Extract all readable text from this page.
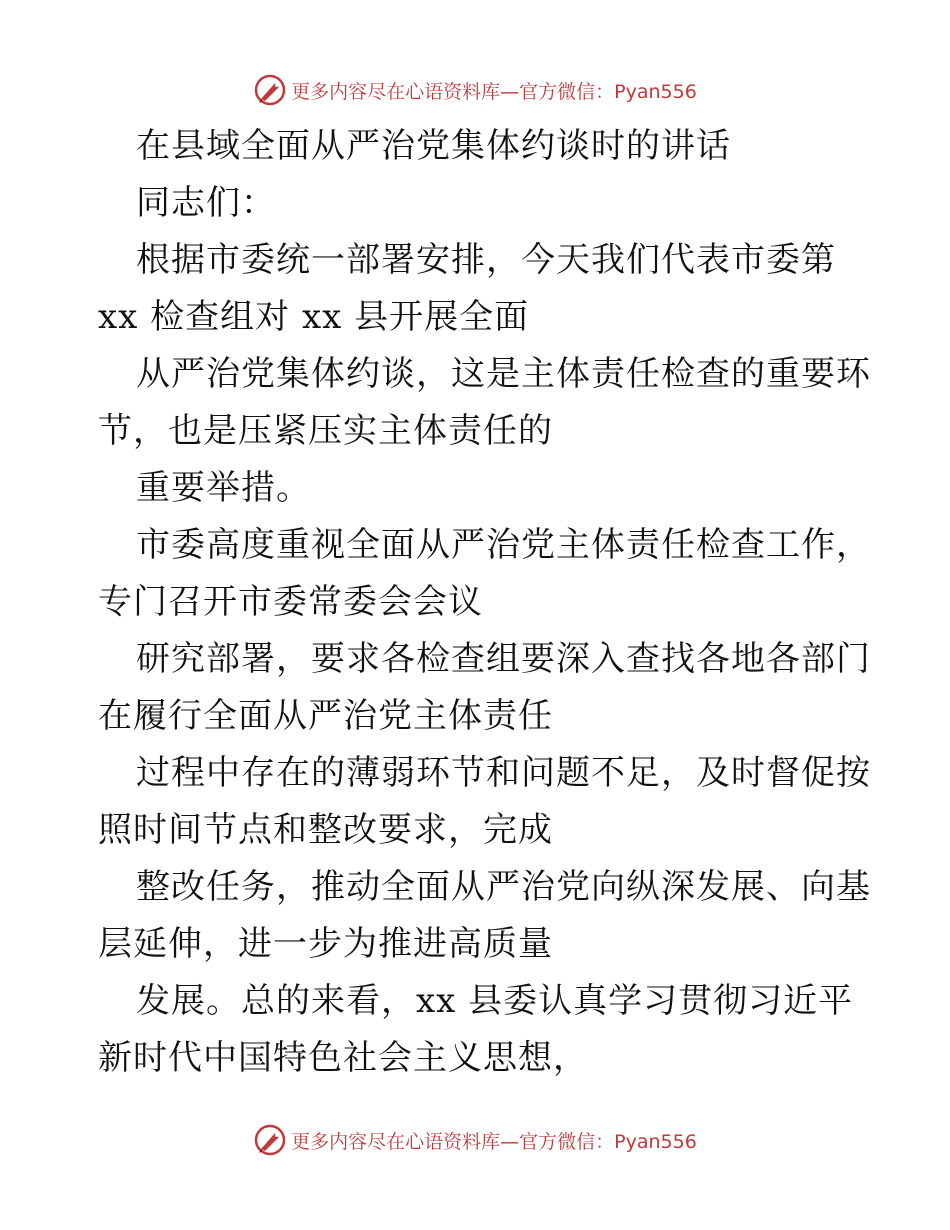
更多内容尽在心语资料库—官方微信：Pyan556
在县域全面从严治党集体约谈时的讲话
同志们：
根据市委统一部署安排，今天我们代表市委第
xx 检查组对 xx 县开展全面
从严治党集体约谈，这是主体责任检查的重要环
节，也是压紧压实主体责任的
重要举措。
市委高度重视全面从严治党主体责任检查工作，
专门召开市委常委会会议
研究部署，要求各检查组要深入查找各地各部门
在履行全面从严治党主体责任
过程中存在的薄弱环节和问题不足，及时督促按
照时间节点和整改要求，完成
整改任务，推动全面从严治党向纵深发展、向基
层延伸，进一步为推进高质量
发展。总的来看，xx 县委认真学习贯彻习近平
新时代中国特色社会主义思想，
更多内容尽在心语资料库—官方微信：Pyan556
